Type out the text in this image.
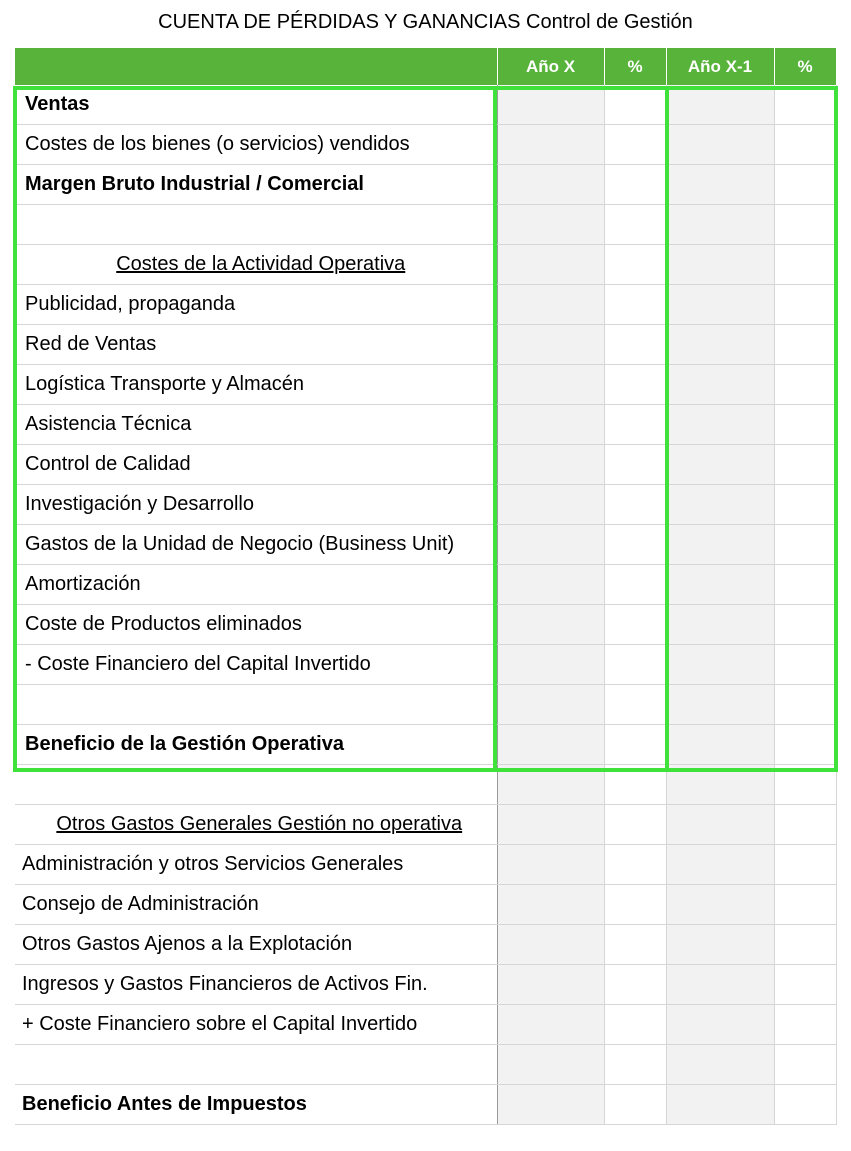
CUENTA DE PÉRDIDAS Y GANANCIAS Control de Gestión
	Año X	%	Año X-1	%
Ventas				
Costes de los bienes (o servicios) vendidos				
Margen Bruto Industrial / Comercial				

Costes de la Actividad Operativa				
Publicidad, propaganda				
Red de Ventas				
Logística Transporte y Almacén				
Asistencia Técnica				
Control de Calidad				
Investigación y Desarrollo				
Gastos de la Unidad de Negocio (Business Unit)				
Amortización				
Coste de Productos eliminados				
- Coste Financiero del Capital Invertido				

Beneficio de la Gestión Operativa				

Otros Gastos Generales Gestión no operativa				
Administración y otros Servicios Generales				
Consejo de Administración				
Otros Gastos Ajenos a la Explotación				
Ingresos y Gastos Financieros de Activos Fin.				
+ Coste Financiero sobre el Capital Invertido				

Beneficio Antes de Impuestos				
